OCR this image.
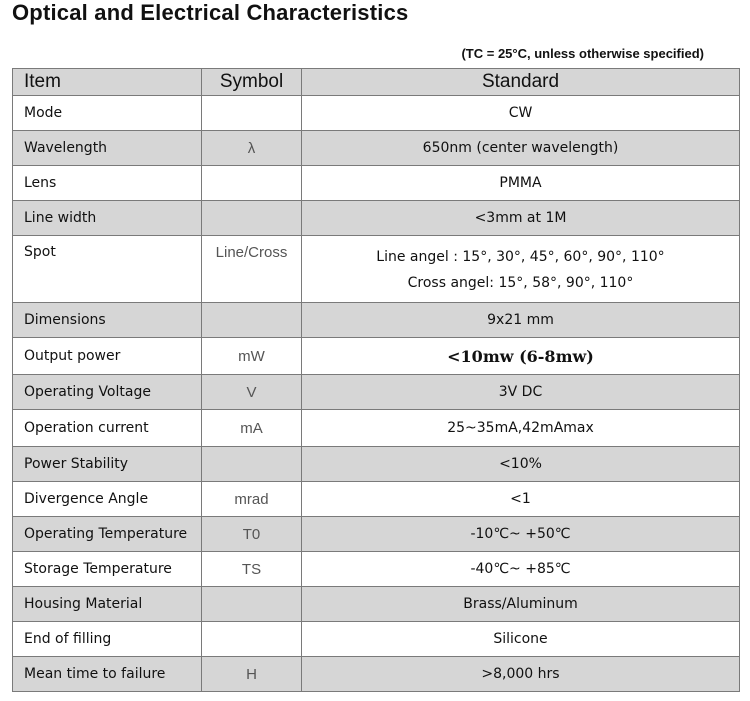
Optical and Electrical Characteristics
(TC = 25°C, unless otherwise specified)
Item	Symbol	Standard
Mode		CW
Wavelength	λ	650nm (center wavelength)
Lens		PMMA
Line width		<3mm at 1M
Spot	Line/Cross	Line angel : 15°, 30°, 45°, 60°, 90°, 110°
Cross angel: 15°, 58°, 90°, 110°

Dimensions		9x21 mm
Output power	mW	<10mw (6-8mw)
Operating Voltage	V	3V DC
Operation current	mA	25~35mA,42mAmax
Power Stability		<10%
Divergence Angle	mrad	<1
Operating Temperature	T0	-10℃~ +50℃
Storage Temperature	TS	-40℃~ +85℃
Housing Material		Brass/Aluminum
End of filling		Silicone
Mean time to failure	H	>8,000 hrs
